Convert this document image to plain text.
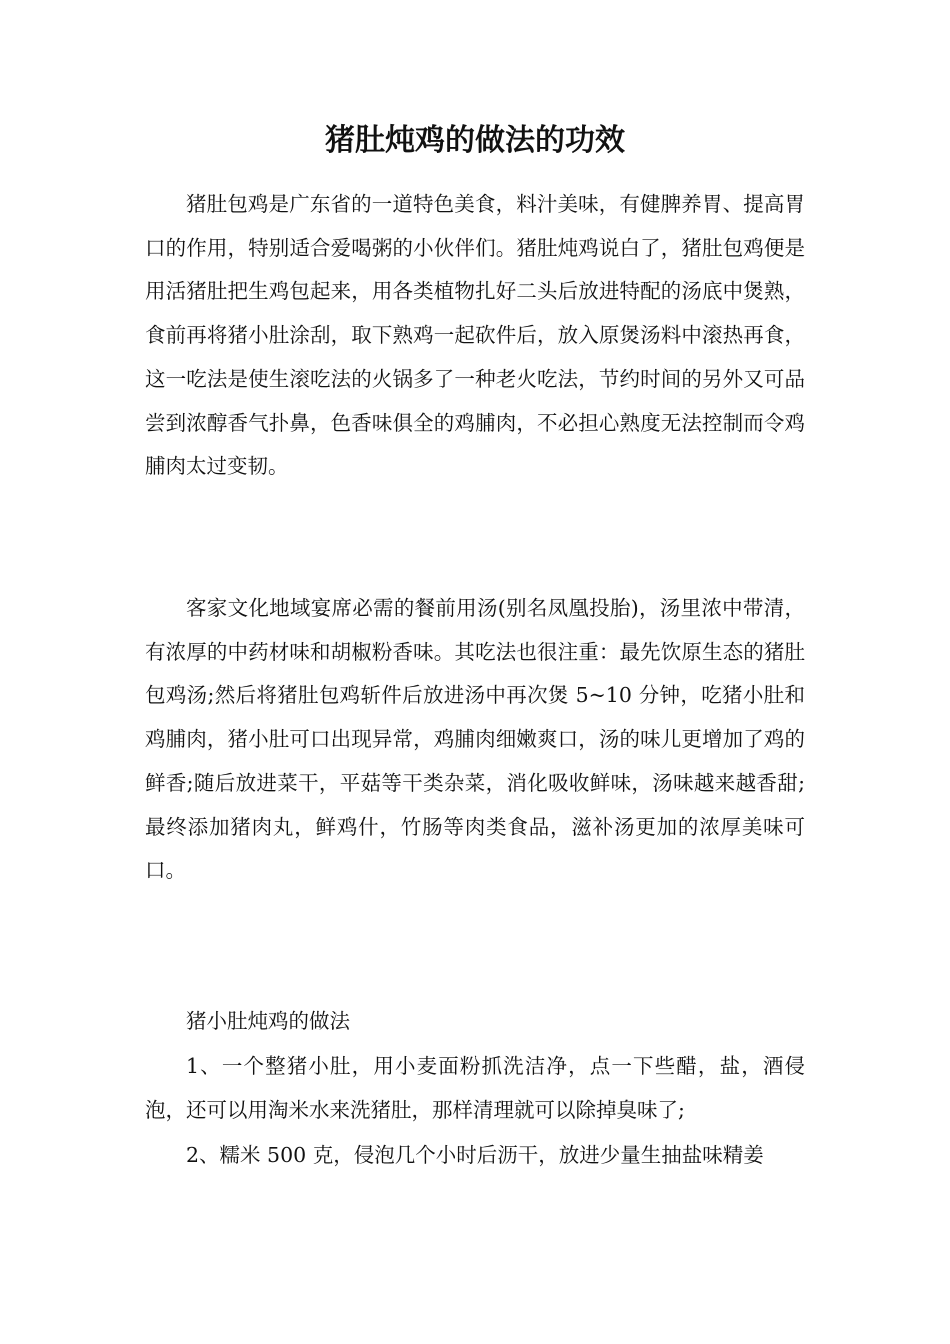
猪肚炖鸡的做法的功效

猪肚包鸡是广东省的一道特色美食，料汁美味，有健脾养胃、提高胃口的作用，特别适合爱喝粥的小伙伴们。猪肚炖鸡说白了，猪肚包鸡便是用活猪肚把生鸡包起来，用各类植物扎好二头后放进特配的汤底中煲熟，食前再将猪小肚涂刮，取下熟鸡一起砍件后，放入原煲汤料中滚热再食，这一吃法是使生滚吃法的火锅多了一种老火吃法，节约时间的另外又可品尝到浓醇香气扑鼻，色香味俱全的鸡脯肉，不必担心熟度无法控制而令鸡脯肉太过变韧。

客家文化地域宴席必需的餐前用汤(别名凤凰投胎)，汤里浓中带清，有浓厚的中药材味和胡椒粉香味。其吃法也很注重：最先饮原生态的猪肚包鸡汤;然后将猪肚包鸡斩件后放进汤中再次煲 5~10 分钟，吃猪小肚和鸡脯肉，猪小肚可口出现异常，鸡脯肉细嫩爽口，汤的味儿更增加了鸡的鲜香;随后放进菜干，平菇等干类杂菜，消化吸收鲜味，汤味越来越香甜;最终添加猪肉丸，鲜鸡什，竹肠等肉类食品，滋补汤更加的浓厚美味可口。

猪小肚炖鸡的做法

1、一个整猪小肚，用小麦面粉抓洗洁净，点一下些醋，盐，酒侵泡，还可以用淘米水来洗猪肚，那样清理就可以除掉臭味了;

2、糯米 500 克，侵泡几个小时后沥干，放进少量生抽盐味精姜
